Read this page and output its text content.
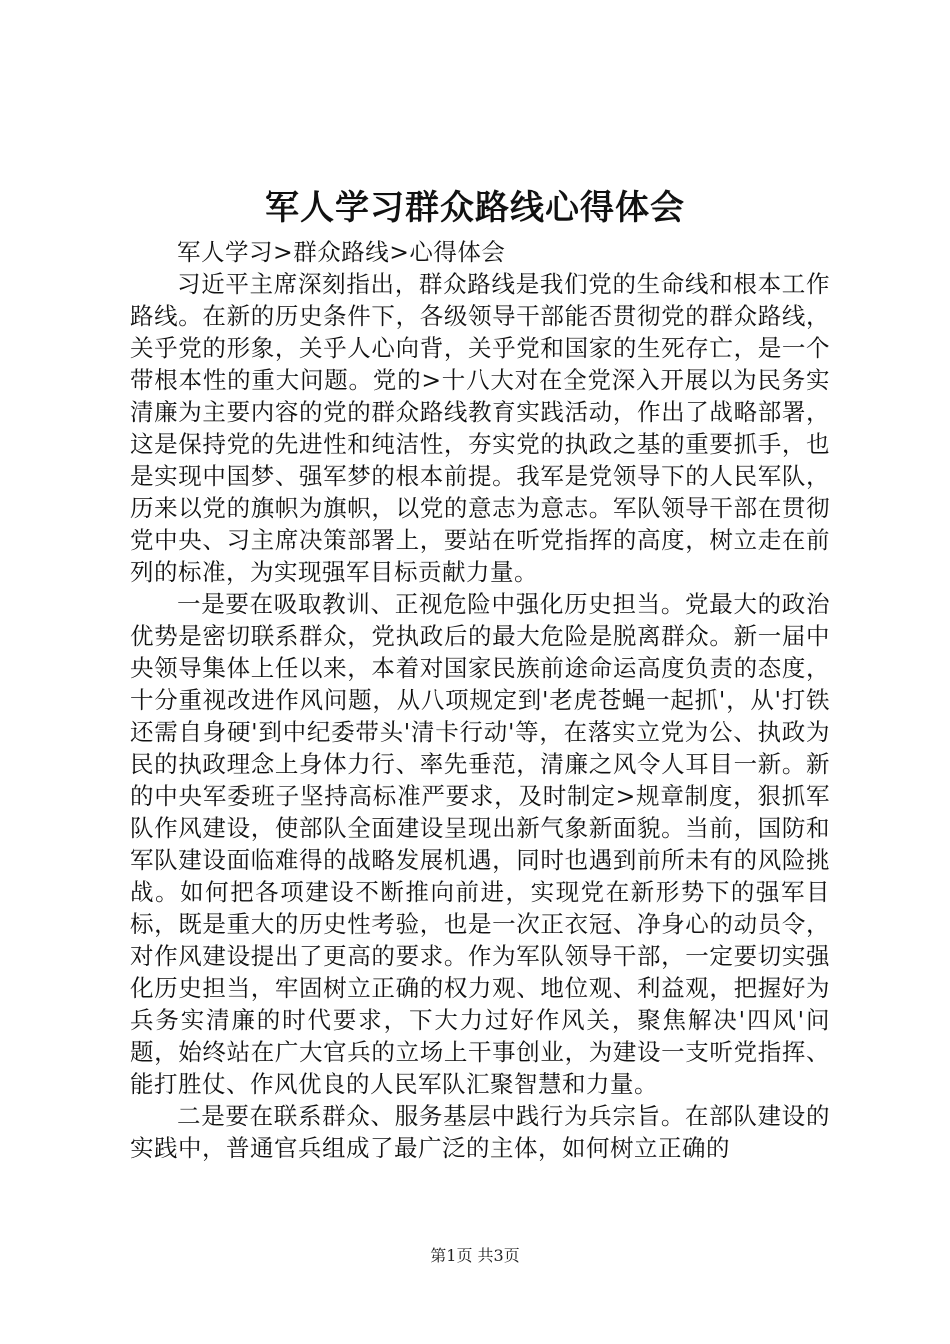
军人学习群众路线心得体会

军人学习>群众路线>心得体会

习近平主席深刻指出，群众路线是我们党的生命线和根本工作路线。在新的历史条件下，各级领导干部能否贯彻党的群众路线，关乎党的形象，关乎人心向背，关乎党和国家的生死存亡，是一个带根本性的重大问题。党的>十八大对在全党深入开展以为民务实清廉为主要内容的党的群众路线教育实践活动，作出了战略部署，这是保持党的先进性和纯洁性，夯实党的执政之基的重要抓手，也是实现中国梦、强军梦的根本前提。我军是党领导下的人民军队，历来以党的旗帜为旗帜，以党的意志为意志。军队领导干部在贯彻党中央、习主席决策部署上，要站在听党指挥的高度，树立走在前列的标准，为实现强军目标贡献力量。

一是要在吸取教训、正视危险中强化历史担当。党最大的政治优势是密切联系群众，党执政后的最大危险是脱离群众。新一届中央领导集体上任以来，本着对国家民族前途命运高度负责的态度，十分重视改进作风问题，从八项规定到'老虎苍蝇一起抓'，从'打铁还需自身硬'到中纪委带头'清卡行动'等，在落实立党为公、执政为民的执政理念上身体力行、率先垂范，清廉之风令人耳目一新。新的中央军委班子坚持高标准严要求，及时制定>规章制度，狠抓军队作风建设，使部队全面建设呈现出新气象新面貌。当前，国防和军队建设面临难得的战略发展机遇，同时也遇到前所未有的风险挑战。如何把各项建设不断推向前进，实现党在新形势下的强军目标，既是重大的历史性考验，也是一次正衣冠、净身心的动员令，对作风建设提出了更高的要求。作为军队领导干部，一定要切实强化历史担当，牢固树立正确的权力观、地位观、利益观，把握好为兵务实清廉的时代要求，下大力过好作风关，聚焦解决'四风'问题，始终站在广大官兵的立场上干事创业，为建设一支听党指挥、能打胜仗、作风优良的人民军队汇聚智慧和力量。

二是要在联系群众、服务基层中践行为兵宗旨。在部队建设的实践中，普通官兵组成了最广泛的主体，如何树立正确的

第1页 共3页
